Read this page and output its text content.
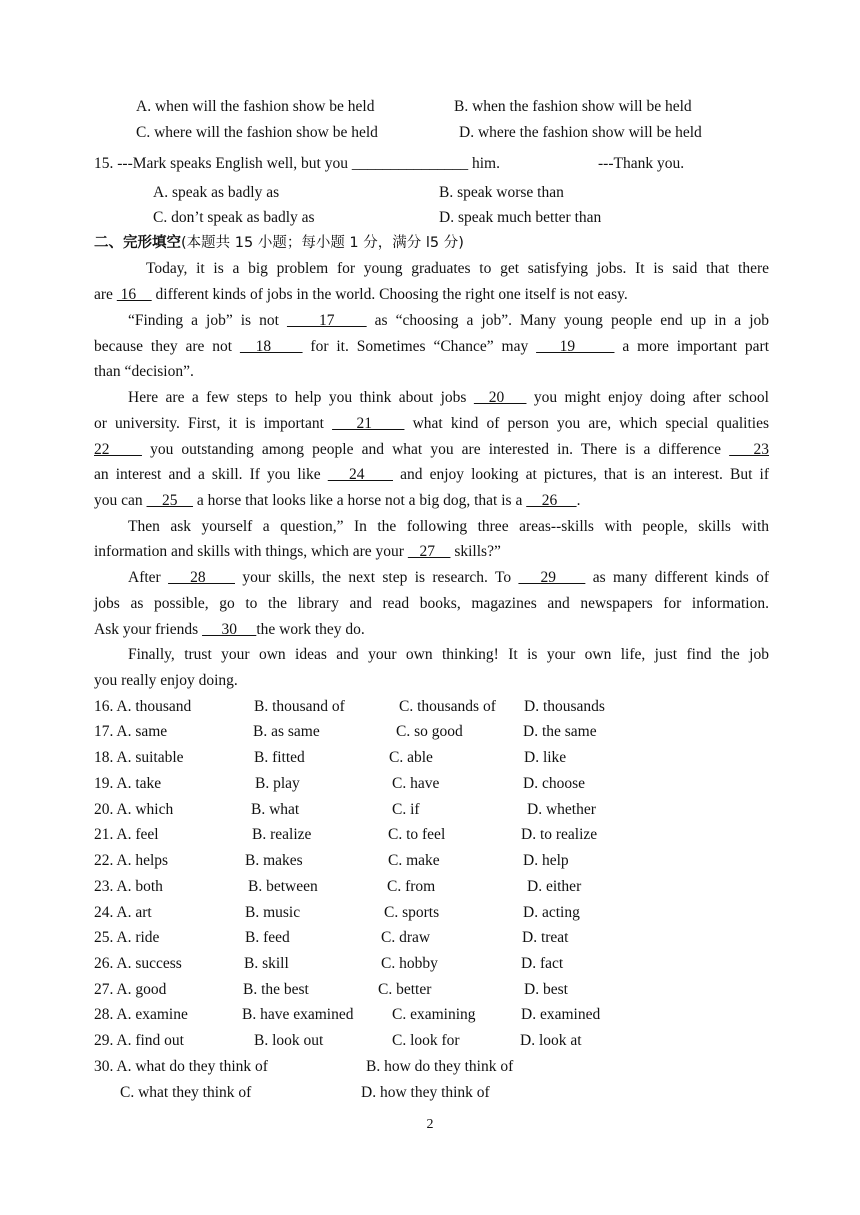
A. when will the fashion show be held	B. when the fashion show will be held
C. where will the fashion show be held	D. where the fashion show will be held
15. ---Mark speaks English well, but you _______________ him.	---Thank you.
A. speak as badly as	B. speak worse than
C. don’t speak as badly as	D. speak much better than
二、完形填空(本题共 15 小题；每小题 1 分，满分 l5 分)
Today, it is a big problem for young graduates to get satisfying jobs. It is said that there
are  16     different kinds of jobs in the world. Choosing the right one itself is not easy.
“Finding a job” is not     17     as “choosing a job”. Many young people end up in a job
because they are not   18     for it. Sometimes “Chance” may    19      a more important part
than “decision”.
Here are a few steps to help you think about jobs   20    you might enjoy doing after school
or university. First, it is important    21     what kind of person you are, which special qualities
22     you outstanding among people and what you are interested in. There is a difference    23
an interest and a skill. If you like    24     and enjoy looking at pictures, that is an interest. But if
you can     25     a horse that looks like a horse not a big dog, that is a     26     .
Then ask yourself a question,” In the following three areas--skills with people, skills with
information and skills with things, which are your    27     skills?”
After    28     your skills, the next step is research. To    29     as many different kinds of
jobs as possible, go to the library and read books, magazines and newspapers for information.
Ask your friends      30     the work they do.
Finally, trust your own ideas and your own thinking! It is your own life, just find the job
you really enjoy doing.
16. A. thousand	B. thousand of	C. thousands of D. thousands
17. A. same	B. as same	C. so good	D. the same
18. A. suitable	B. fitted	C. able	D. like
19. A. take	B. play	C. have	D. choose
20. A. which	B. what	C. if	D. whether
21. A. feel	B. realize	C. to feel	D. to realize
22. A. helps	B. makes	C. make	D. help
23. A. both	B. between	C. from	D. either
24. A. art	B. music	C. sports	D. acting
25. A. ride	B. feed	C. draw	D. treat
26. A. success	B. skill	C. hobby	D. fact
27. A. good	B. the best	C. better	D. best
28. A. examine	B. have examined C. examining	D. examined
29. A. find out	B. look out	C. look for	D. look at
30. A. what do they think of	B. how do they think of
C. what they think of	D. how they think of
2
